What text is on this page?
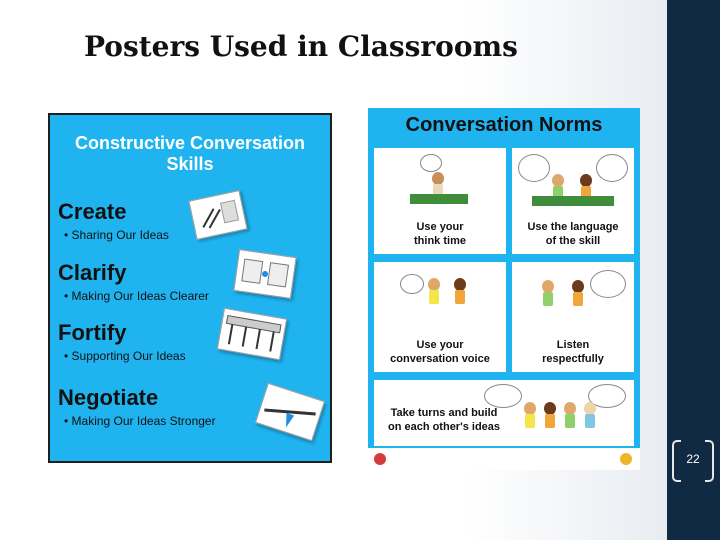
Posters Used in Classrooms
Constructive Conversation
Skills
Create
• Sharing Our Ideas
Clarify
• Making Our Ideas Clearer
Fortify
• Supporting Our Ideas
Negotiate
• Making Our Ideas Stronger
Conversation Norms
Use your
think time
Use the language
of the skill
Use your
conversation voice
Listen
respectfully
Take turns and build
on each other's ideas
22
